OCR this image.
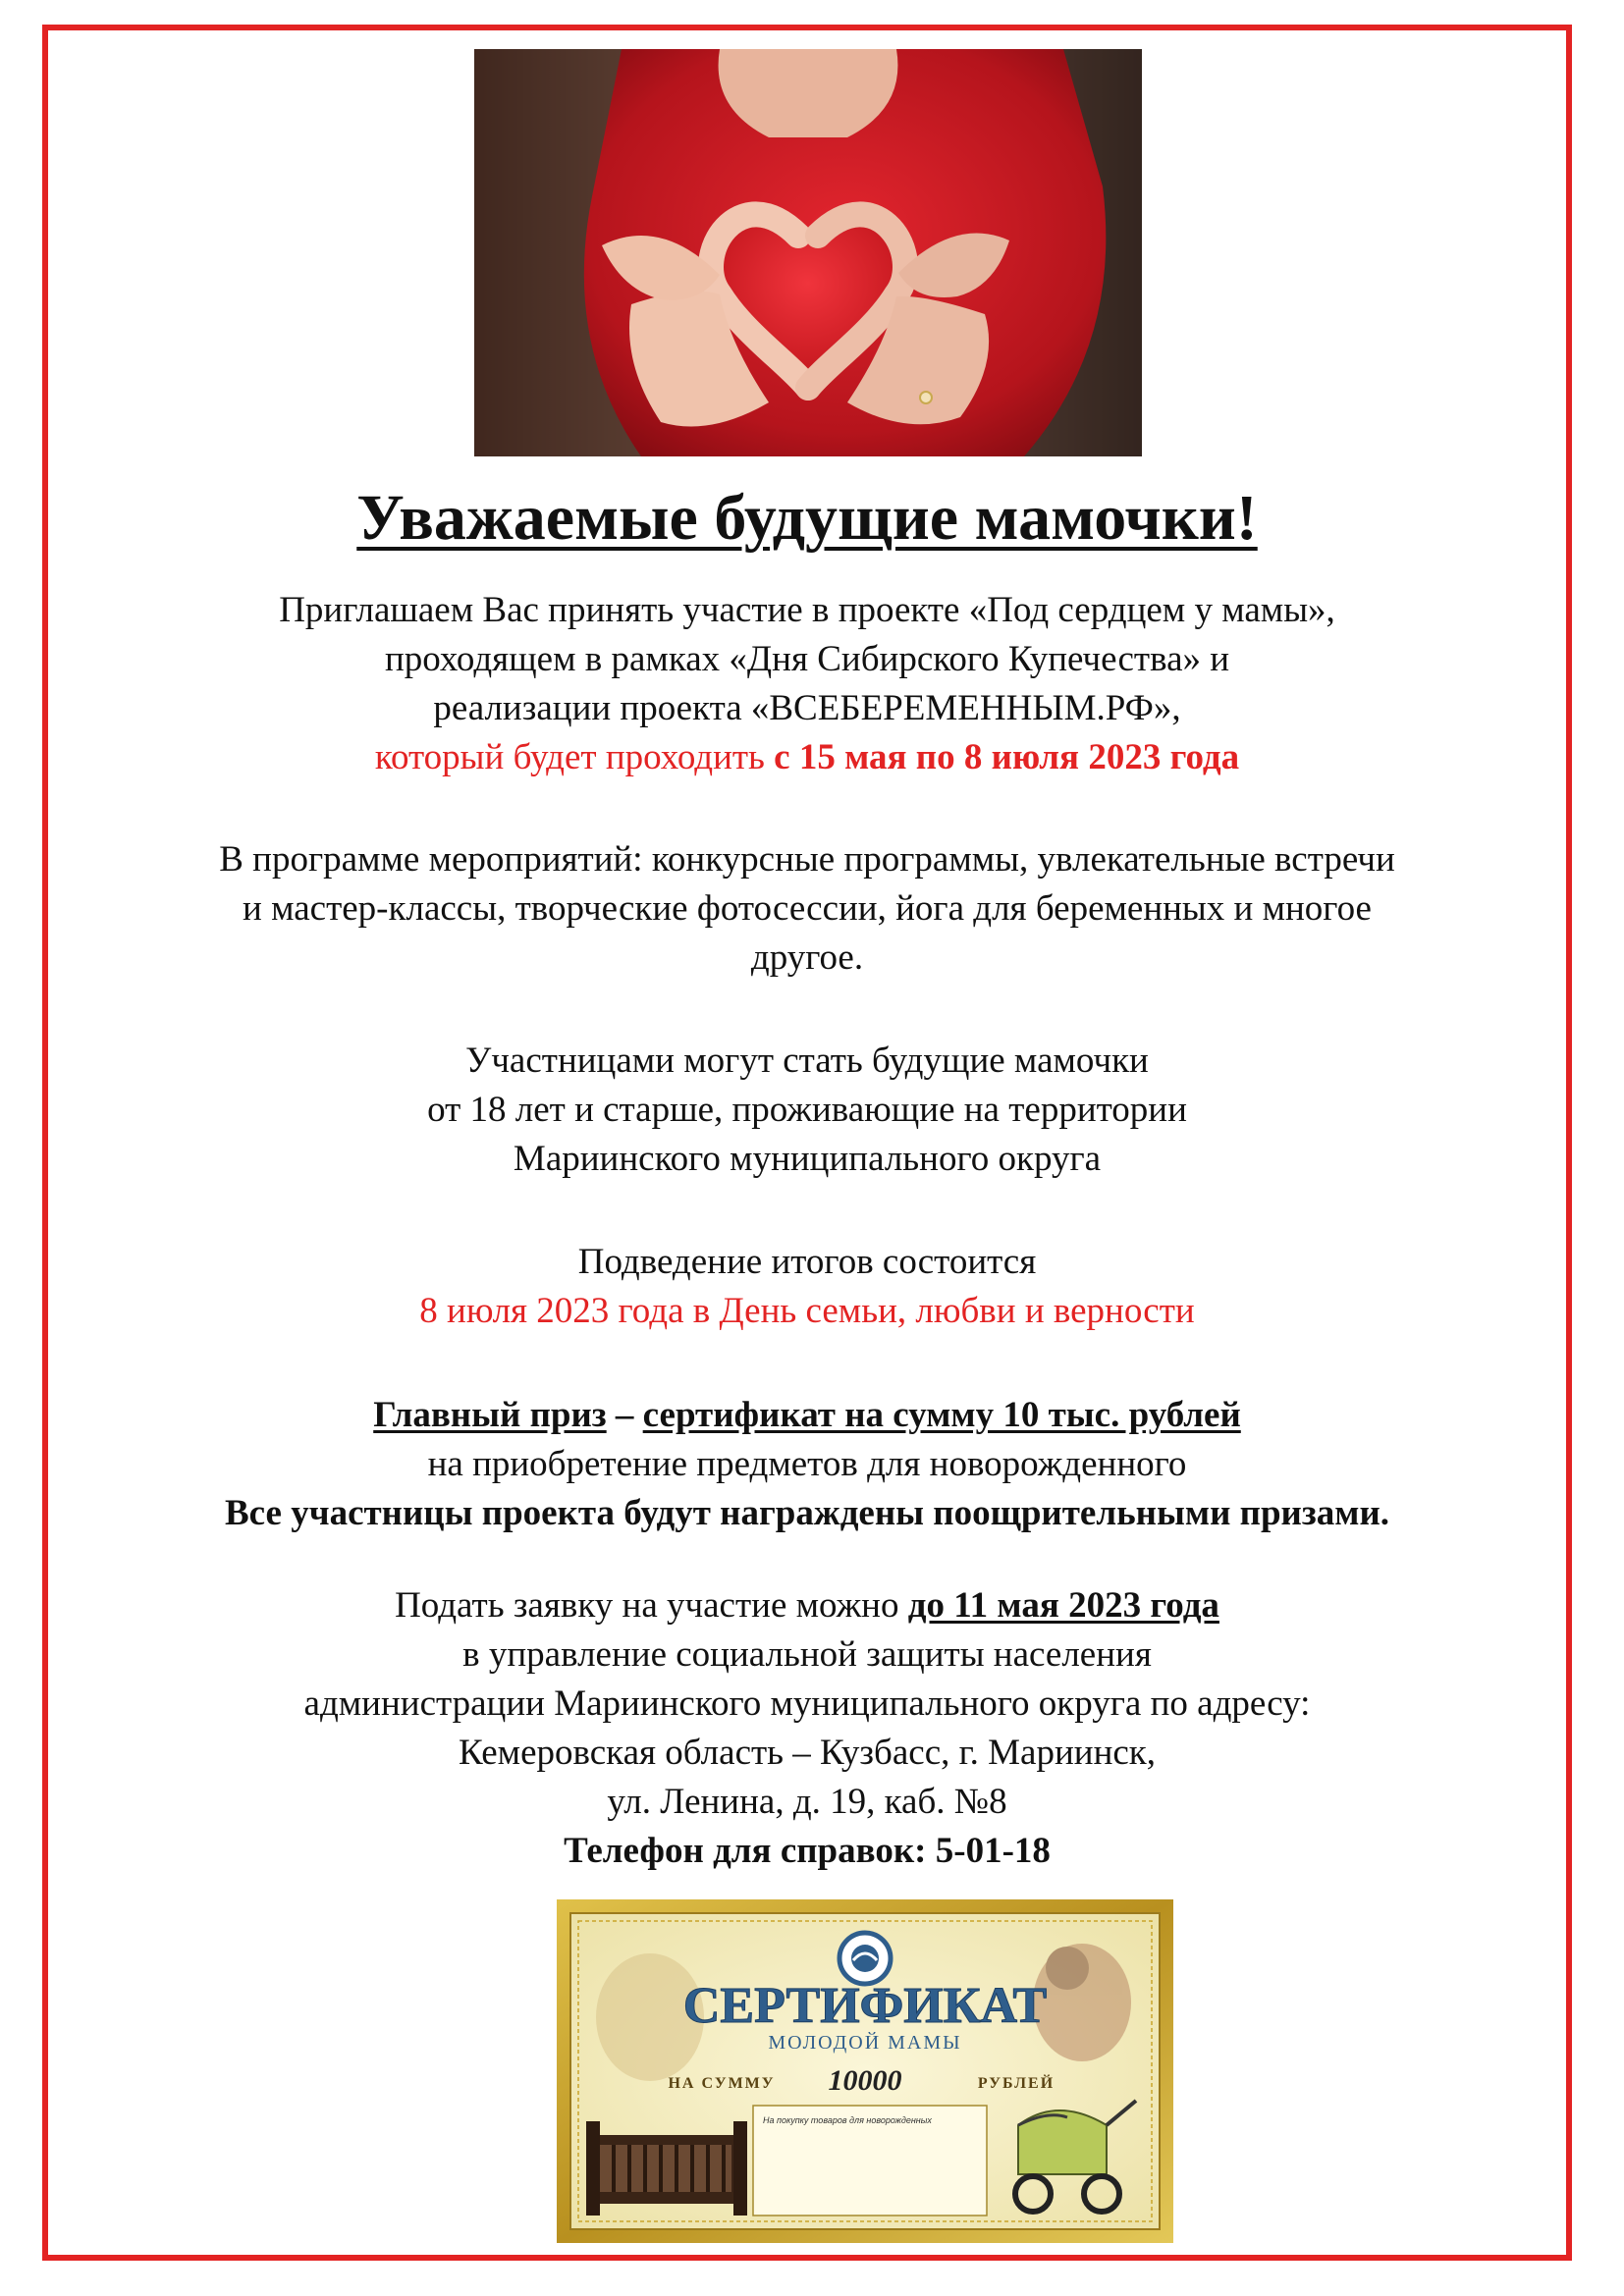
Уважаемые будущие мамочки!
Приглашаем Вас принять участие в проекте «Под сердцем у мамы»,
проходящем в рамках «Дня Сибирского Купечества» и
реализации проекта «ВСЕБЕРЕМЕННЫМ.РФ»,
который будет проходить с 15 мая по 8 июля 2023 года
В программе мероприятий: конкурсные программы, увлекательные встречи
и мастер-классы, творческие фотосессии, йога для беременных и многое
другое.
Участницами могут стать будущие мамочки
от 18 лет и старше, проживающие на территории
Мариинского муниципального округа
Подведение итогов состоится
8 июля 2023 года в День семьи, любви и верности
Главный приз – сертификат на сумму 10 тыс. рублей
на приобретение предметов для новорожденного
Все участницы проекта будут награждены поощрительными призами.
Подать заявку на участие можно до 11 мая 2023 года
в управление социальной защиты населения
администрации Мариинского муниципального округа по адресу:
Кемеровская область – Кузбасс, г. Мариинск,
ул. Ленина, д. 19, каб. №8
Телефон для справок: 5-01-18
СЕРТИФИКАТ
МОЛОДОЙ МАМЫ
НА СУММУ 10000	РУБЛЕЙ
На покупку товаров для новорожденных
